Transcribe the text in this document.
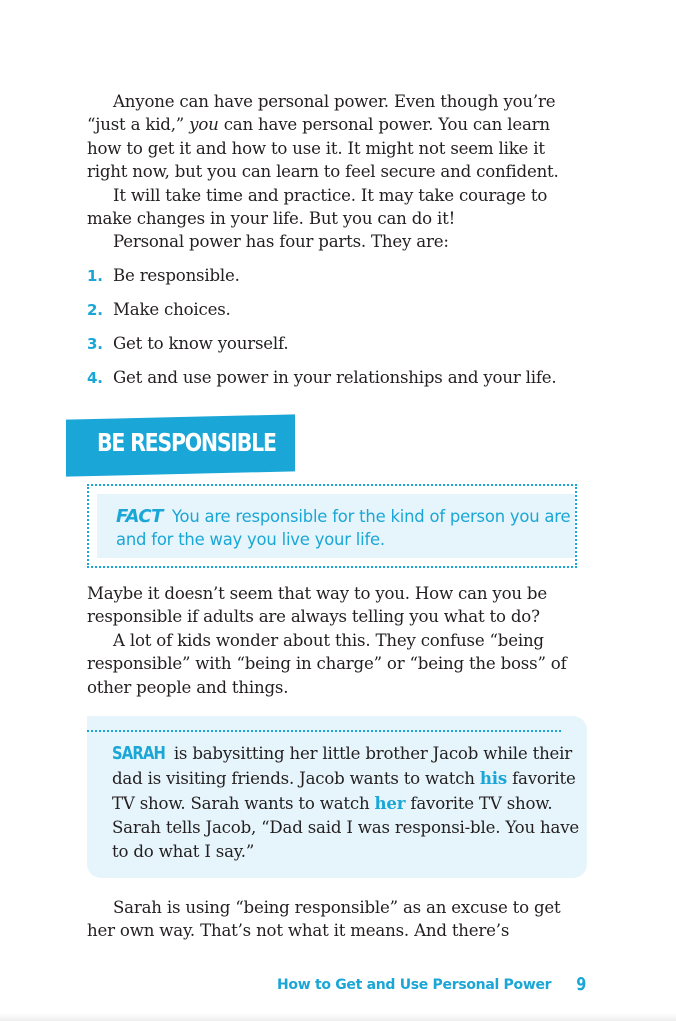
Anyone can have personal power. Even though you’re “just a kid,” you can have personal power. You can learn how to get it and how to use it. It might not seem like it right now, but you can learn to feel secure and confident.

It will take time and practice. It may take courage to make changes in your life. But you can do it!

Personal power has four parts. They are:

1. Be responsible.
2. Make choices.
3. Get to know yourself.
4. Get and use power in your relationships and your life.
BE RESPONSIBLE
FACT You are responsible for the kind of person you are and for the way you live your life.

Maybe it doesn’t seem that way to you. How can you be responsible if adults are always telling you what to do?

A lot of kids wonder about this. They confuse “being responsible” with “being in charge” or “being the boss” of other people and things.

SARAH is babysitting her little brother Jacob while their dad is visiting friends. Jacob wants to watch his favorite TV show. Sarah wants to watch her favorite TV show. Sarah tells Jacob, “Dad said I was responsi-ble. You have to do what I say.”

Sarah is using “being responsible” as an excuse to get her own way. That’s not what it means. And there’s

How to Get and Use Personal Power 9
